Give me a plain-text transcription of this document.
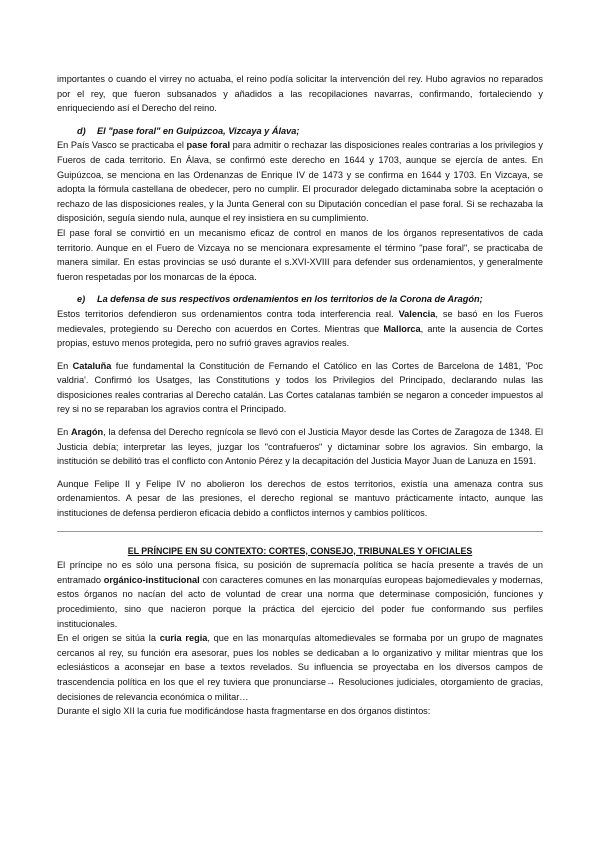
importantes o cuando el virrey no actuaba, el reino podía solicitar la intervención del rey. Hubo agravios no reparados por el rey, que fueron subsanados y añadidos a las recopilaciones navarras, confirmando, fortaleciendo y enriqueciendo así el Derecho del reino.

d) El "pase foral" en Guipúzcoa, Vizcaya y Álava;

En País Vasco se practicaba el pase foral para admitir o rechazar las disposiciones reales contrarias a los privilegios y Fueros de cada territorio. En Álava, se confirmó este derecho en 1644 y 1703, aunque se ejercía de antes. En Guipúzcoa, se menciona en las Ordenanzas de Enrique IV de 1473 y se confirma en 1644 y 1703. En Vizcaya, se adopta la fórmula castellana de obedecer, pero no cumplir. El procurador delegado dictaminaba sobre la aceptación o rechazo de las disposiciones reales, y la Junta General con su Diputación concedían el pase foral. Si se rechazaba la disposición, seguía siendo nula, aunque el rey insistiera en su cumplimiento.

El pase foral se convirtió en un mecanismo eficaz de control en manos de los órganos representativos de cada territorio. Aunque en el Fuero de Vizcaya no se mencionara expresamente el término "pase foral", se practicaba de manera similar. En estas provincias se usó durante el s.XVI-XVIII para defender sus ordenamientos, y generalmente fueron respetadas por los monarcas de la época.

e) La defensa de sus respectivos ordenamientos en los territorios de la Corona de Aragón;

Estos territorios defendieron sus ordenamientos contra toda interferencia real. Valencia, se basó en los Fueros medievales, protegiendo su Derecho con acuerdos en Cortes. Mientras que Mallorca, ante la ausencia de Cortes propias, estuvo menos protegida, pero no sufrió graves agravios reales.

En Cataluña fue fundamental la Constitución de Fernando el Católico en las Cortes de Barcelona de 1481, 'Poc valdria'. Confirmó los Usatges, las Constitutions y todos los Privilegios del Principado, declarando nulas las disposiciones reales contrarias al Derecho catalán. Las Cortes catalanas también se negaron a conceder impuestos al rey si no se reparaban los agravios contra el Principado.

En Aragón, la defensa del Derecho regnícola se llevó con el Justicia Mayor desde las Cortes de Zaragoza de 1348. El Justicia debía; interpretar las leyes, juzgar los "contrafueros" y dictaminar sobre los agravios. Sin embargo, la institución se debilitó tras el conflicto con Antonio Pérez y la decapitación del Justicia Mayor Juan de Lanuza en 1591.

Aunque Felipe II y Felipe IV no abolieron los derechos de estos territorios, existía una amenaza contra sus ordenamientos. A pesar de las presiones, el derecho regional se mantuvo prácticamente intacto, aunque las instituciones de defensa perdieron eficacia debido a conflictos internos y cambios políticos.

EL PRÍNCIPE EN SU CONTEXTO: CORTES, CONSEJO, TRIBUNALES Y OFICIALES

El príncipe no es sólo una persona física, su posición de supremacía política se hacía presente a través de un entramado orgánico-institucional con caracteres comunes en las monarquías europeas bajomedievales y modernas, estos órganos no nacían del acto de voluntad de crear una norma que determinase composición, funciones y procedimiento, sino que nacieron porque la práctica del ejercicio del poder fue conformando sus perfiles institucionales.

En el origen se sitúa la curia regia, que en las monarquías altomedievales se formaba por un grupo de magnates cercanos al rey, su función era asesorar, pues los nobles se dedicaban a lo organizativo y militar mientras que los eclesiásticos a aconsejar en base a textos revelados. Su influencia se proyectaba en los diversos campos de trascendencia política en los que el rey tuviera que pronunciarse→ Resoluciones judiciales, otorgamiento de gracias, decisiones de relevancia económica o militar…

Durante el siglo XII la curia fue modificándose hasta fragmentarse en dos órganos distintos:
